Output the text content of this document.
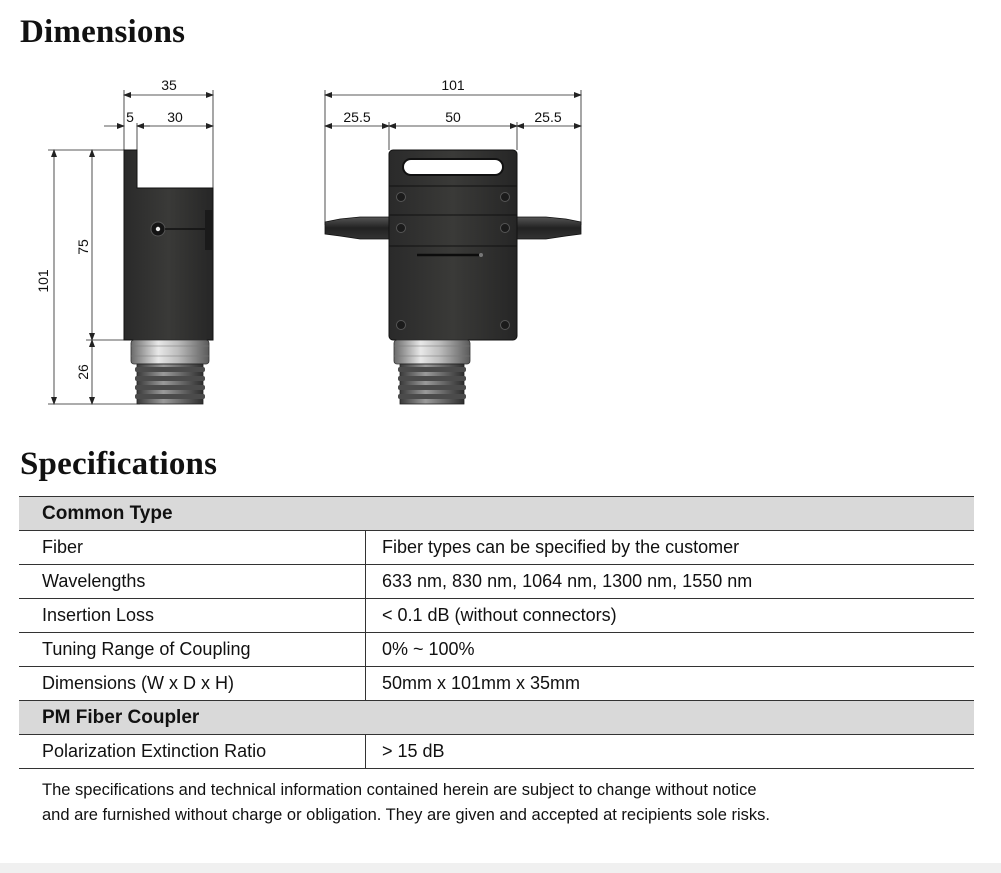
Dimensions
35
5 30
101
75
26
101
25.5	50	25.5
Specifications
Common Type	
Fiber	Fiber types can be specified by the customer
Wavelengths	633 nm, 830 nm, 1064 nm, 1300 nm, 1550 nm
Insertion Loss	< 0.1 dB (without connectors)
Tuning Range of Coupling	0% ~ 100%
Dimensions (W x D x H)	50mm x 101mm x 35mm
PM Fiber Coupler	
Polarization Extinction Ratio	> 15 dB
The specifications and technical information contained herein are subject to change without notice
and are furnished without charge or obligation. They are given and accepted at recipients sole risks.
